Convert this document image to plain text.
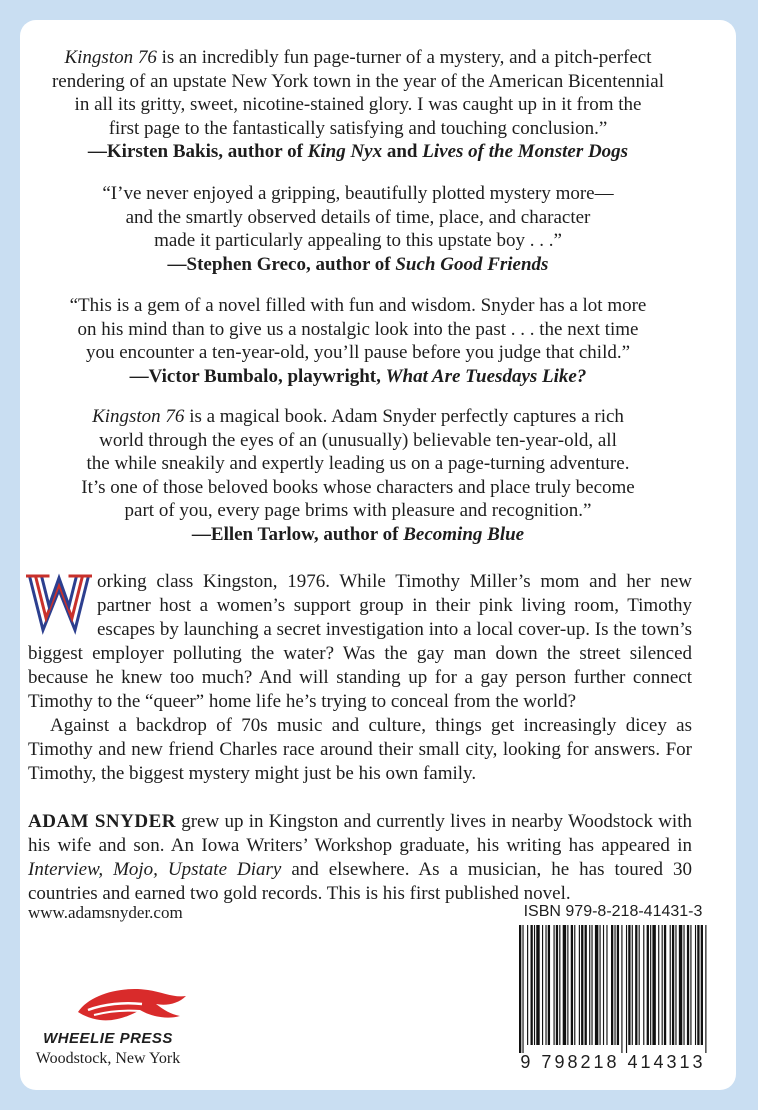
Kingston 76 is an incredibly fun page-turner of a mystery, and a pitch-perfect

rendering of an upstate New York town in the year of the American Bicentennial

in all its gritty, sweet, nicotine-stained glory. I was caught up in it from the

first page to the fantastically satisfying and touching conclusion.”

—Kirsten Bakis, author of King Nyx and Lives of the Monster Dogs

“I’ve never enjoyed a gripping, beautifully plotted mystery more—

and the smartly observed details of time, place, and character

made it particularly appealing to this upstate boy . . .”

—Stephen Greco, author of Such Good Friends

“This is a gem of a novel filled with fun and wisdom. Snyder has a lot more

on his mind than to give us a nostalgic look into the past . . . the next time

you encounter a ten-year-old, you’ll pause before you judge that child.”

—Victor Bumbalo, playwright, What Are Tuesdays Like?

Kingston 76 is a magical book. Adam Snyder perfectly captures a rich

world through the eyes of an (unusually) believable ten-year-old, all

the while sneakily and expertly leading us on a page-turning adventure.

It’s one of those beloved books whose characters and place truly become

part of you, every page brims with pleasure and recognition.”

—Ellen Tarlow, author of Becoming Blue

W
orking class Kingston, 1976. While Timothy Miller’s mom and her new partner host a women’s support group in their pink living room, Timothy escapes by launching a secret investigation into a local cover-up. Is the town’s biggest employer polluting the water? Was the gay man down the street silenced because he knew too much? And will standing up for a gay person further connect Timothy to the “queer” home life he’s trying to conceal from the world?

Against a backdrop of 70s music and culture, things get increasingly dicey as Timothy and new friend Charles race around their small city, looking for answers. For Timothy, the biggest mystery might just be his own family.

ADAM SNYDER grew up in Kingston and currently lives in nearby Woodstock with his wife and son. An Iowa Writers’ Workshop graduate, his writing has appeared in Interview, Mojo, Upstate Diary and elsewhere. As a musician, he has toured 30 countries and earned two gold records. This is his first published novel.
www.adamsnyder.com
WHEELIE PRESS
Woodstock, New York
ISBN 979-8-218-41431-3
9 798218 414313
